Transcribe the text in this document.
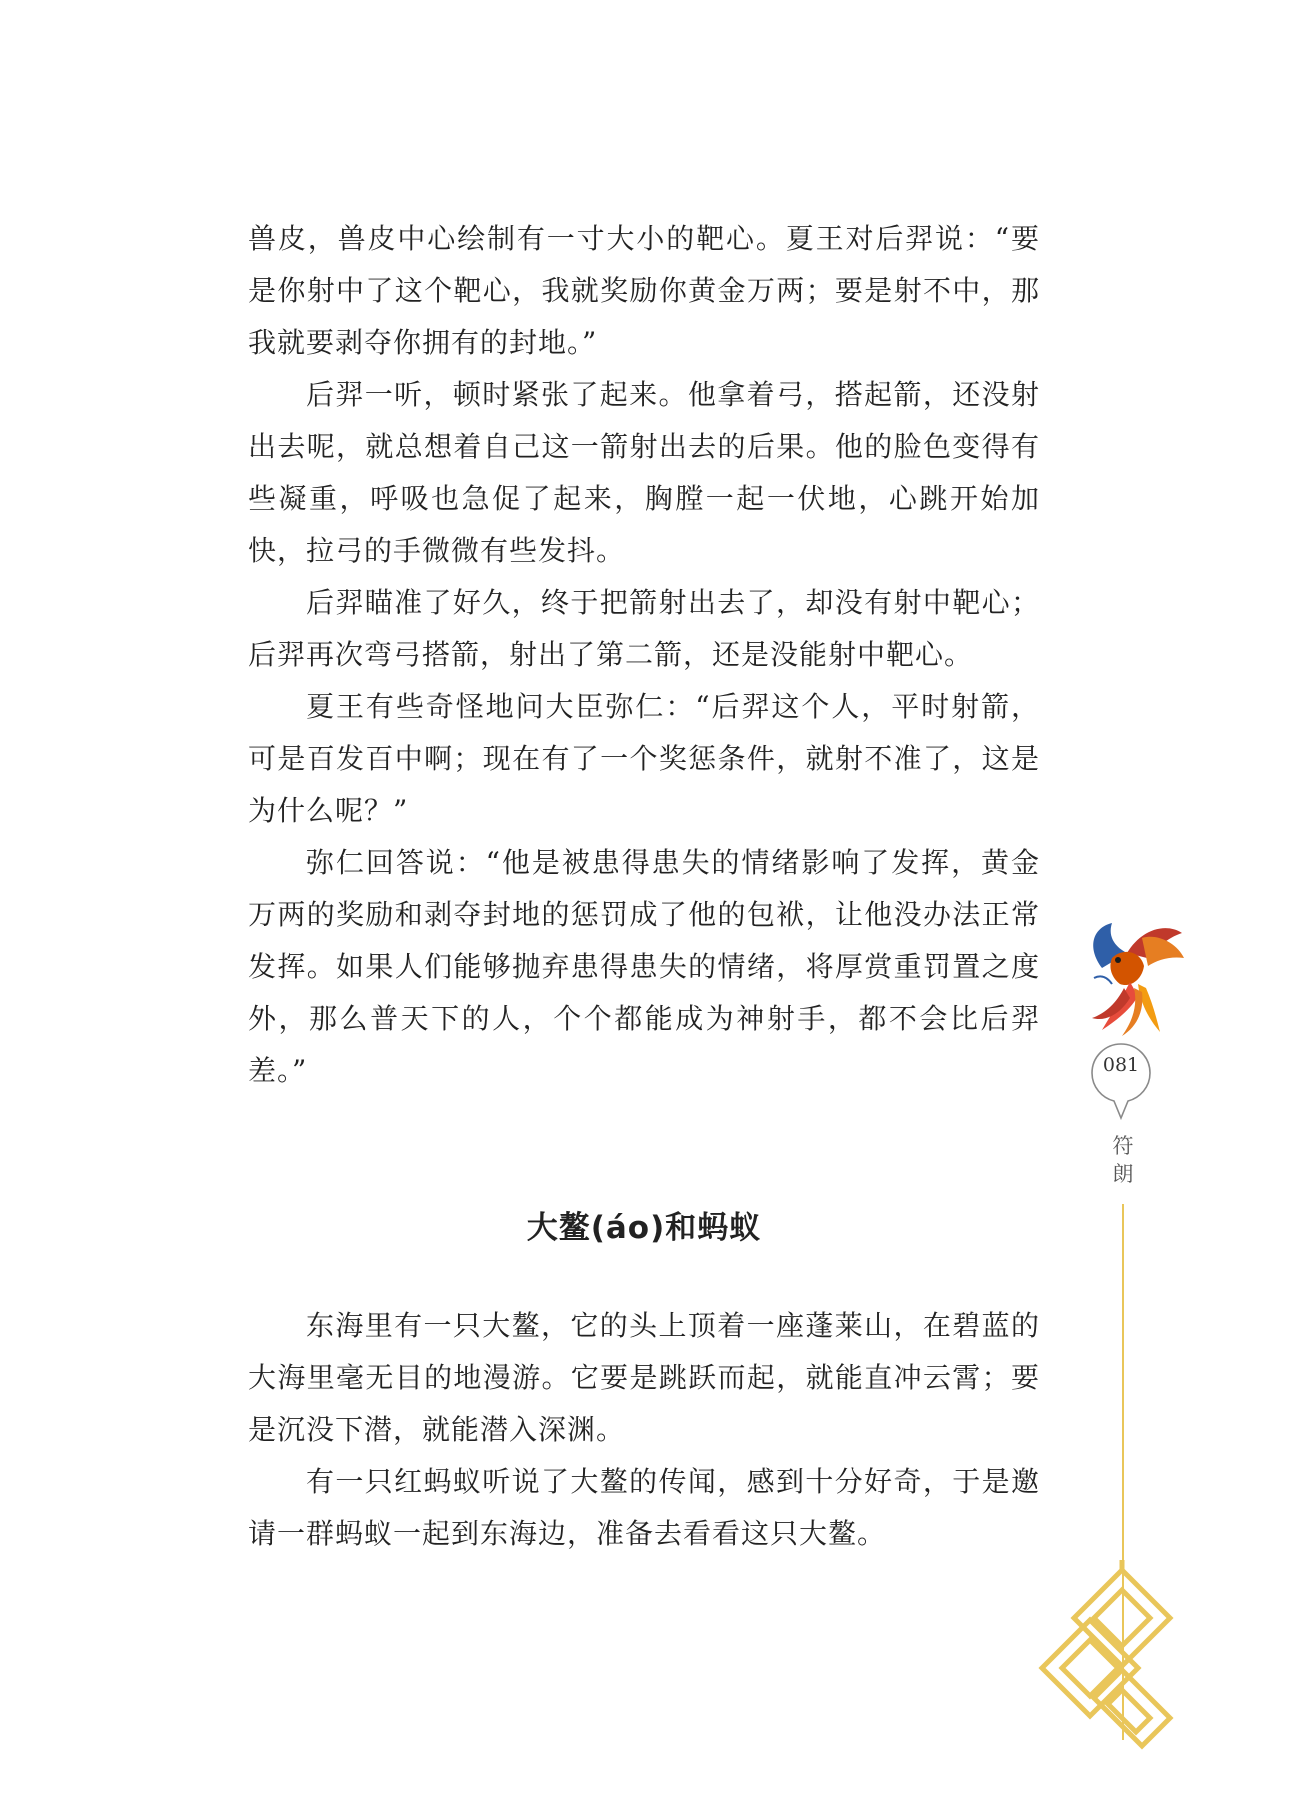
兽皮，兽皮中心绘制有一寸大小的靶心。夏王对后羿说：“要是你射中了这个靶心，我就奖励你黄金万两；要是射不中，那我就要剥夺你拥有的封地。”

后羿一听，顿时紧张了起来。他拿着弓，搭起箭，还没射出去呢，就总想着自己这一箭射出去的后果。他的脸色变得有些凝重，呼吸也急促了起来，胸膛一起一伏地，心跳开始加快，拉弓的手微微有些发抖。

后羿瞄准了好久，终于把箭射出去了，却没有射中靶心；后羿再次弯弓搭箭，射出了第二箭，还是没能射中靶心。

夏王有些奇怪地问大臣弥仁：“后羿这个人，平时射箭，可是百发百中啊；现在有了一个奖惩条件，就射不准了，这是为什么呢？”

弥仁回答说：“他是被患得患失的情绪影响了发挥，黄金万两的奖励和剥夺封地的惩罚成了他的包袱，让他没办法正常发挥。如果人们能够抛弃患得患失的情绪，将厚赏重罚置之度外，那么普天下的人，个个都能成为神射手，都不会比后羿差。”

大鳌(áo)和蚂蚁

东海里有一只大鳌，它的头上顶着一座蓬莱山，在碧蓝的大海里毫无目的地漫游。它要是跳跃而起，就能直冲云霄；要是沉没下潜，就能潜入深渊。

有一只红蚂蚁听说了大鳌的传闻，感到十分好奇，于是邀请一群蚂蚁一起到东海边，准备去看看这只大鳌。

081
符朗
